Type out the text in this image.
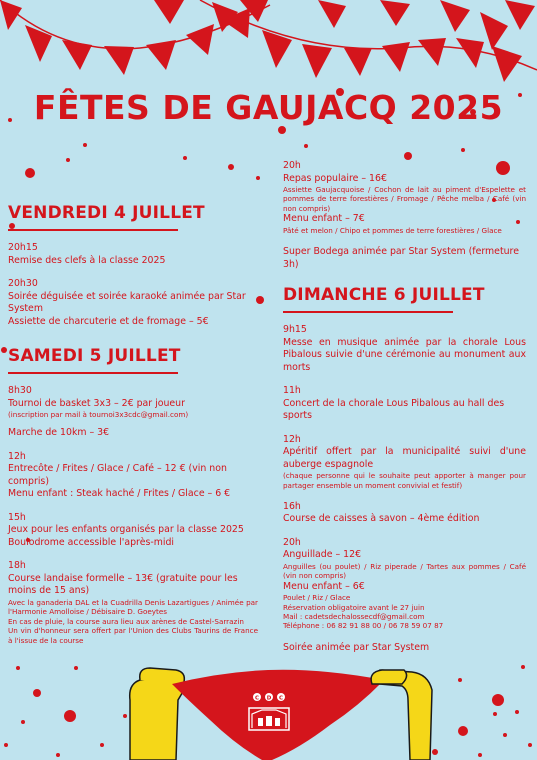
C D C
FÊTES DE GAUJACQ 2025
VENDREDI 4 JUILLET
20h15
Remise des clefs à la classe 2025
20h30
Soirée déguisée et soirée karaoké animée par Star System
Assiette de charcuterie et de fromage – 5€
SAMEDI 5 JUILLET
8h30
Tournoi de basket 3x3 – 2€ par joueur
(inscription par mail à tournoi3x3cdc@gmail.com)
Marche de 10km – 3€
12h
Entrecôte / Frites / Glace / Café – 12 € (vin non compris)
Menu enfant : Steak haché / Frites / Glace – 6 €
15h
Jeux pour les enfants organisés par la classe 2025
Boulodrome accessible l'après-midi
18h
Course landaise formelle – 13€ (gratuite pour les moins de 15 ans)
Avec la ganaderia DAL et la Cuadrilla Denis Lazartigues / Animée par l'Harmonie Amolloise / Débisaire D. Goeytes
En cas de pluie, la course aura lieu aux arènes de Castel-Sarrazin
Un vin d'honneur sera offert par l'Union des Clubs Taurins de France à l'issue de la course
20h
Repas populaire – 16€
Assiette Gaujacquoise / Cochon de lait au piment d'Espelette et pommes de terre forestières / Fromage / Pêche melba / Café (vin non compris)
Menu enfant – 7€
Pâté et melon / Chipo et pommes de terre forestières / Glace
Super Bodega animée par Star System (fermeture 3h)
DIMANCHE 6 JUILLET
9h15
Messe en musique animée par la chorale Lous Pibalous suivie d'une cérémonie au monument aux morts
11h
Concert de la chorale Lous Pibalous au hall des sports
12h
Apéritif offert par la municipalité suivi d'une auberge espagnole
(chaque personne qui le souhaite peut apporter à manger pour partager ensemble un moment convivial et festif)
16h
Course de caisses à savon – 4ème édition
20h
Anguillade – 12€
Anguilles (ou poulet) / Riz piperade / Tartes aux pommes / Café (vin non compris)
Menu enfant – 6€
Poulet / Riz / Glace
Réservation obligatoire avant le 27 juin
Mail : cadetsdechalossecdf@gmail.com
Téléphone : 06 82 91 88 00 / 06 78 59 07 87
Soirée animée par Star System
